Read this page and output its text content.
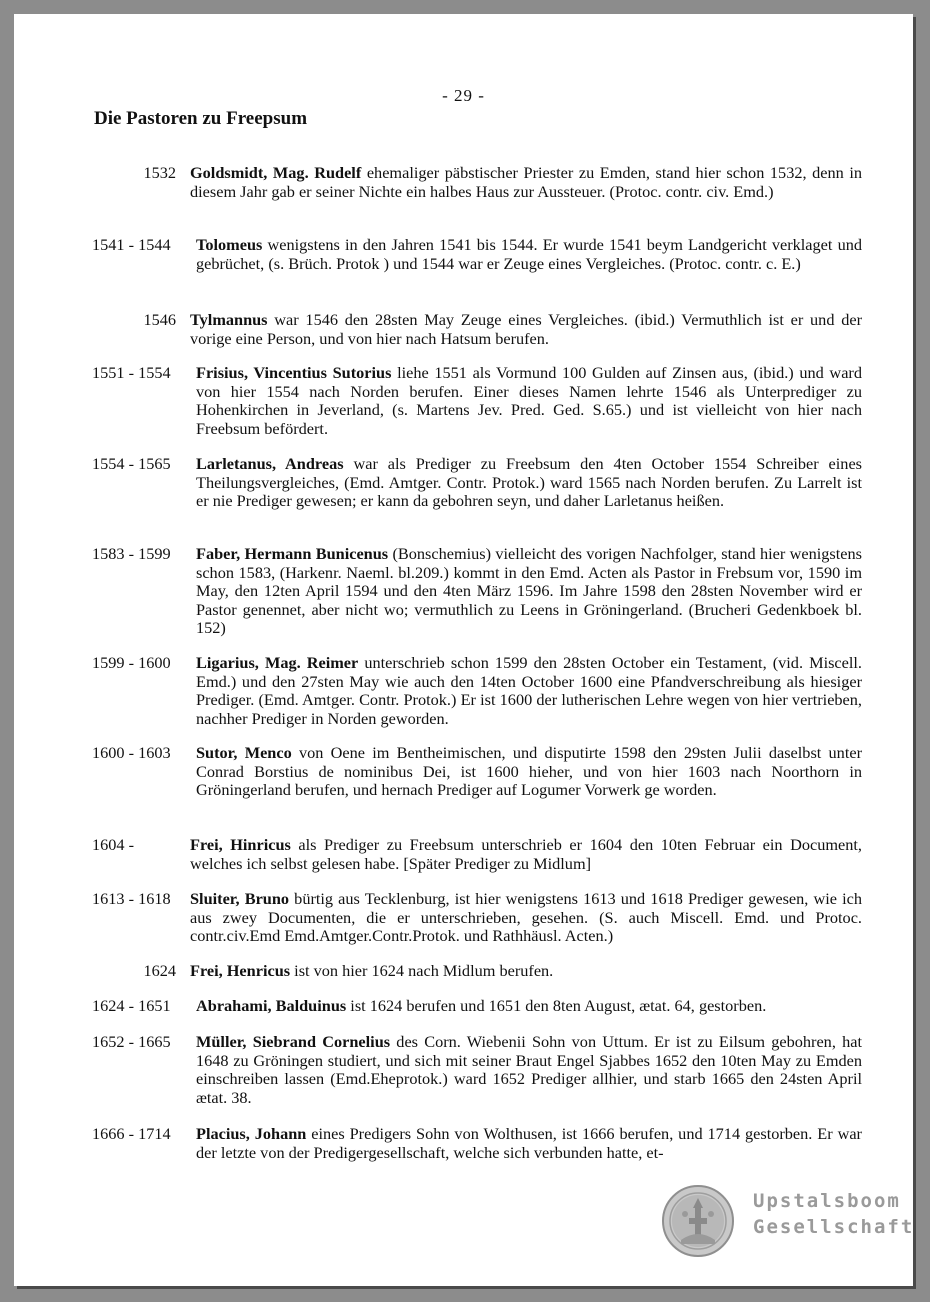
- 29 -
Die Pastoren zu Freepsum
1532 Goldsmidt, Mag. Rudelf ehemaliger päbstischer Priester zu Emden, stand hier schon 1532, denn in diesem Jahr gab er seiner Nichte ein halbes Haus zur Aussteuer. (Protoc. contr. civ. Emd.)
1541 - 1544 Tolomeus wenigstens in den Jahren 1541 bis 1544. Er wurde 1541 beym Landgericht verklaget und gebrüchet, (s. Brüch. Protok ) und 1544 war er Zeuge eines Vergleiches. (Protoc. contr. c. E.)
1546 Tylmannus war 1546 den 28sten May Zeuge eines Vergleiches. (ibid.) Vermuthlich ist er und der vorige eine Person, und von hier nach Hatsum berufen.
1551 - 1554 Frisius, Vincentius Sutorius liehe 1551 als Vormund 100 Gulden auf Zinsen aus, (ibid.) und ward von hier 1554 nach Norden berufen. Einer dieses Namen lehrte 1546 als Unterprediger zu Hohenkirchen in Jeverland, (s. Martens Jev. Pred. Ged. S.65.) und ist vielleicht von hier nach Freebsum befördert.
1554 - 1565 Larletanus, Andreas war als Prediger zu Freebsum den 4ten October 1554 Schreiber eines Theilungsvergleiches, (Emd. Amtger. Contr. Protok.) ward 1565 nach Norden berufen. Zu Larrelt ist er nie Prediger gewesen; er kann da gebohren seyn, und daher Larletanus heißen.
1583 - 1599 Faber, Hermann Bunicenus (Bonschemius) vielleicht des vorigen Nachfolger, stand hier wenigstens schon 1583, (Harkenr. Naeml. bl.209.) kommt in den Emd. Acten als Pastor in Frebsum vor, 1590 im May, den 12ten April 1594 und den 4ten März 1596. Im Jahre 1598 den 28sten November wird er Pastor genennet, aber nicht wo; vermuthlich zu Leens in Gröningerland. (Brucheri Gedenkboek bl. 152)
1599 - 1600 Ligarius, Mag. Reimer unterschrieb schon 1599 den 28sten October ein Testament, (vid. Miscell. Emd.) und den 27sten May wie auch den 14ten October 1600 eine Pfandverschreibung als hiesiger Prediger. (Emd. Amtger. Contr. Protok.) Er ist 1600 der lutherischen Lehre wegen von hier vertrieben, nachher Prediger in Norden geworden.
1600 - 1603 Sutor, Menco von Oene im Bentheimischen, und disputirte 1598 den 29sten Julii daselbst unter Conrad Borstius de nominibus Dei, ist 1600 hieher, und von hier 1603 nach Noorthorn in Gröningerland berufen, und hernach Prediger auf Logumer Vorwerk ge worden.
1604 -	Frei, Hinricus als Prediger zu Freebsum unterschrieb er 1604 den 10ten Februar ein Document, welches ich selbst gelesen habe. [Später Prediger zu Midlum]
1613 - 1618 Sluiter, Bruno bürtig aus Tecklenburg, ist hier wenigstens 1613 und 1618 Prediger gewesen, wie ich aus zwey Documenten, die er unterschrieben, gesehen. (S. auch Miscell. Emd. und Protoc. contr.civ.Emd Emd.Amtger.Contr.Protok. und Rathhäusl. Acten.)
1624 Frei, Henricus ist von hier 1624 nach Midlum berufen.
1624 - 1651 Abrahami, Balduinus ist 1624 berufen und 1651 den 8ten August, ætat. 64, gestorben.
1652 - 1665 Müller, Siebrand Cornelius des Corn. Wiebenii Sohn von Uttum. Er ist zu Eilsum gebohren, hat 1648 zu Gröningen studiert, und sich mit seiner Braut Engel Sjabbes 1652 den 10ten May zu Emden einschreiben lassen (Emd.Eheprotok.) ward 1652 Prediger allhier, und starb 1665 den 24sten April ætat. 38.
1666 - 1714 Placius, Johann eines Predigers Sohn von Wolthusen, ist 1666 berufen, und 1714 gestorben. Er war der letzte von der Predigergesellschaft, welche sich verbunden hatte, et-
Upstalsboom
Gesellschaft
